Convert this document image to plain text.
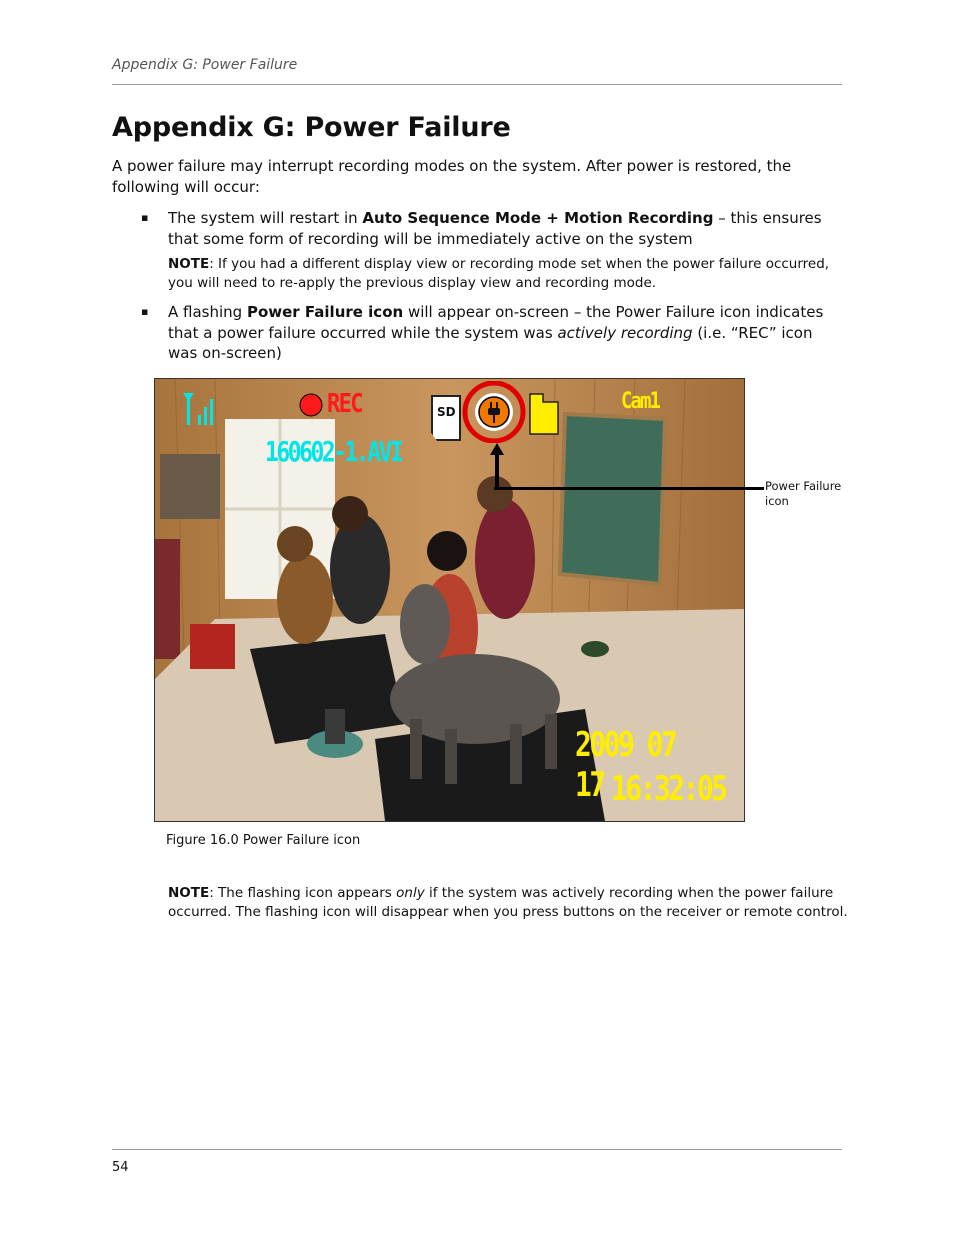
Appendix G: Power Failure
Appendix G: Power Failure

A power failure may interrupt recording modes on the system. After power is restored, the following will occur:

▪ The system will restart in Auto Sequence Mode + Motion Recording – this ensures that some form of recording will be immediately active on the system
NOTE: If you had a different display view or recording mode set when the power failure occurred, you will need to re-apply the previous display view and recording mode.
▪ A flashing Power Failure icon will appear on-screen – the Power Failure icon indicates that a power failure occurred while the system was actively recording (i.e. “REC” icon was on-screen)
REC
160602-1.AVI
SD	Cam1
2009 07 17 16:32:05
Power Failure icon
Figure 16.0 Power Failure icon
NOTE: The flashing icon appears only if the system was actively recording when the power failure occurred. The flashing icon will disappear when you press buttons on the receiver or remote control.
54
